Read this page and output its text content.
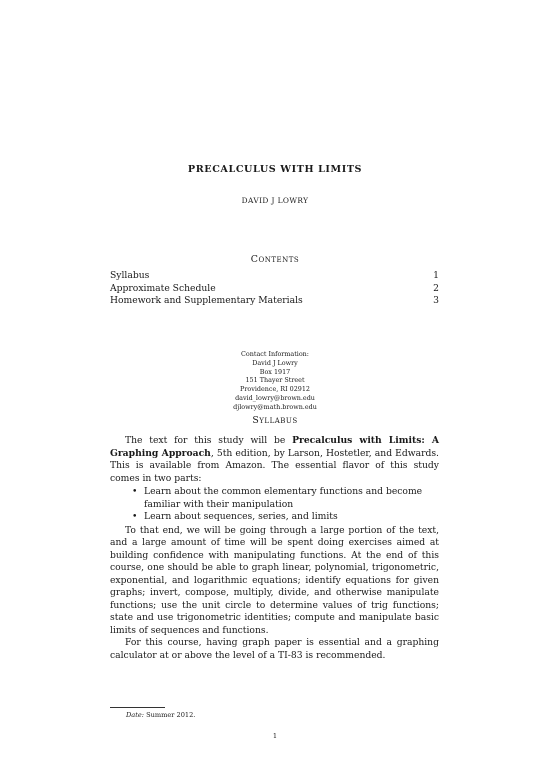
PRECALCULUS WITH LIMITS
DAVID J LOWRY
Contents
Syllabus	1
Approximate Schedule	2
Homework and Supplementary Materials	3
Contact Information:
David J Lowry
Box 1917
151 Thayer Street
Providence, RI 02912
david_lowry@brown.edu
djlowry@math.brown.edu
Syllabus

The text for this study will be Precalculus with Limits: A Graphing Approach, 5th edition, by Larson, Hostetler, and Edwards. This is available from Amazon. The essential flavor of this study comes in two parts:

• Learn about the common elementary functions and become familiar with their manipulation
• Learn about sequences, series, and limits

To that end, we will be going through a large portion of the text, and a large amount of time will be spent doing exercises aimed at building confidence with manipulating functions. At the end of this course, one should be able to graph linear, polynomial, trigonometric, exponential, and logarithmic equations; identify equations for given graphs; invert, compose, multiply, divide, and otherwise manipulate functions; use the unit circle to determine values of trig functions; state and use trigonometric identities; compute and manipulate basic limits of sequences and functions.

For this course, having graph paper is essential and a graphing calculator at or above the level of a TI-83 is recommended.

Date: Summer 2012.
1
